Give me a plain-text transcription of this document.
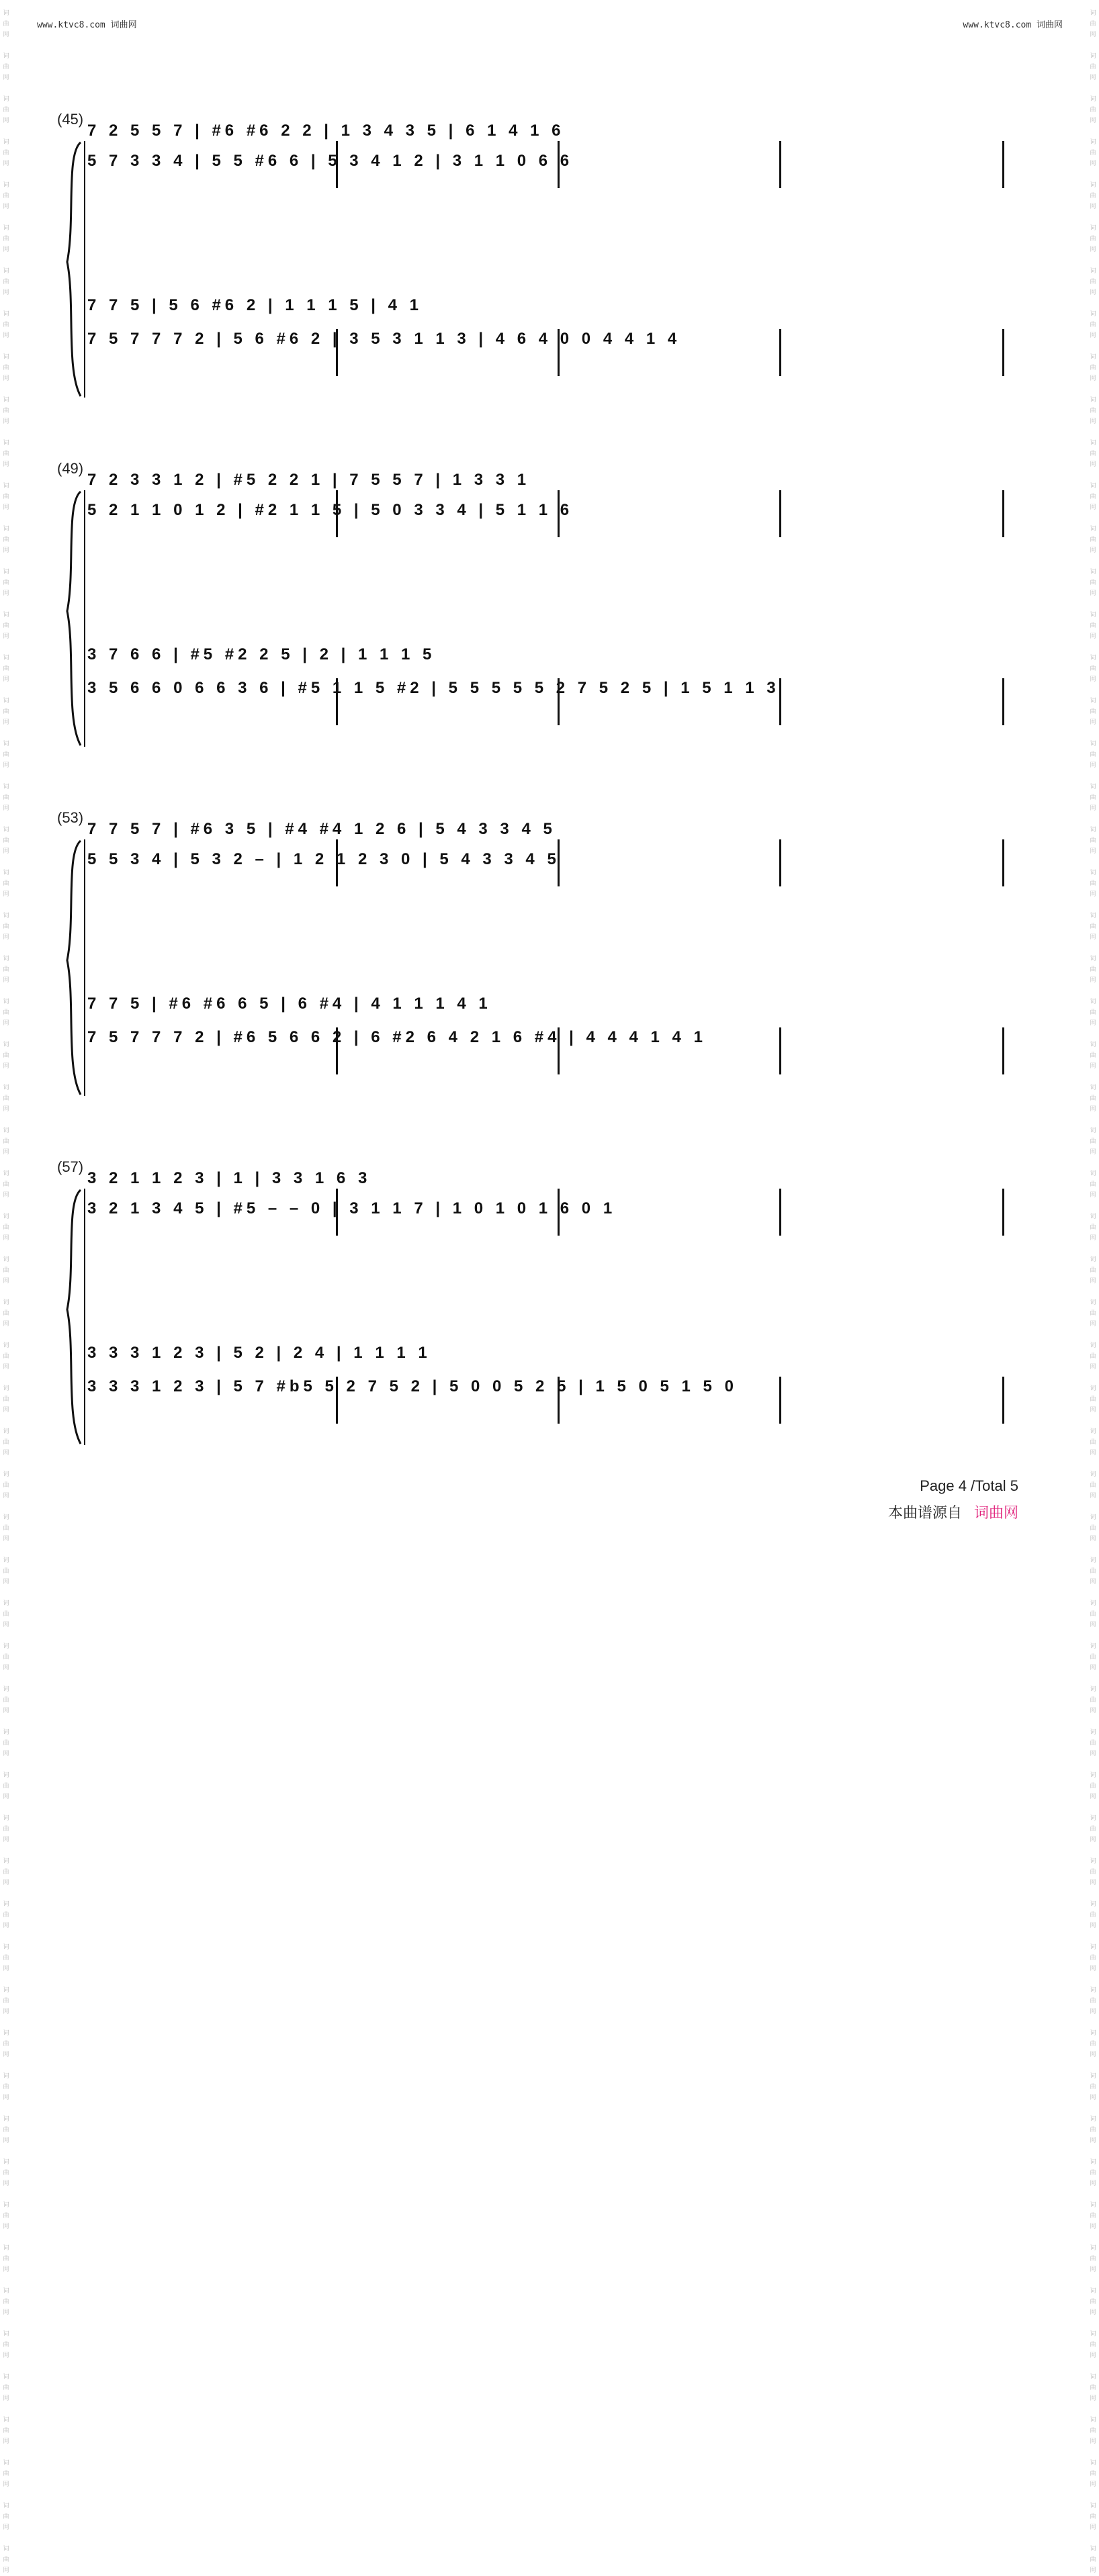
www.ktvc8.com 词曲网	www.ktvc8.com 词曲网
词
曲
网

词
曲
网

词
曲
网

词
曲
网

词
曲
网

词
曲
网

词
曲
网

词
曲
网

词
曲
网

词
曲
网

词
曲
网

词
曲
网

词
曲
网

词
曲
网

词
曲
网

词
曲
网

词
曲
网

词
曲
网

词
曲
网

词
曲
网

词
曲
网

词
曲
网

词
曲
网

词
曲
网

词
曲
网

词
曲
网

词
曲
网

词
曲
网

词
曲
网

词
曲
网

词
曲
网

词
曲
网

词
曲
网

词
曲
网

词
曲
网

词
曲
网

词
曲
网

词
曲
网

词
曲
网

词
曲
网

词
曲
网

词
曲
网

词
曲
网

词
曲
网

词
曲
网

词
曲
网

词
曲
网

词
曲
网

词
曲
网

词
曲
网

词
曲
网

词
曲
网

词
曲
网

词
曲
网

词
曲
网

词
曲
网

词
曲
网

词
曲
网

词
曲
网

词
曲
网

词
曲
网

词
曲
网

词
曲
网

词
曲
网

词
曲
网

词
曲
网

词
曲
网

词
曲
网

词
曲
网

词
曲
网

词
曲
网

词
曲
网

词
曲
网

词
曲
网

词
曲
网

词
曲
网

词
曲
网

词
曲
网

词
曲
网

词
曲
网

词
曲
网

词
曲
网

词
曲
网

词
曲
网

词
曲
网

词
曲
网

词
曲
网

词
曲
网

词
曲
网

词
曲
网

词
曲
网

词
曲
网

词
曲
网

词
曲
网

词
曲
网

词
曲
网

词
曲
网

词
曲
网

词
曲
网

词
曲
网

词
曲
网

词
曲
网

词
曲
网

词
曲
网

词
曲
网

词
曲
网

词
曲
网

词
曲
网

词
曲
网

词
曲
网

词
曲
网

词
曲
网

词
曲
网

词
曲
网

词
曲
网

词
曲
网

词
曲
网

词
曲
网

词
曲
网

词
曲
网

(45)
5 7 3 3 4 | 5 5 #6 6 | 5 3 4 1 2 | 3 1 1 0 6 6
7 2 5 5 7 | #6 #6 2 2 | 1 3 4 3 5 | 6 1 4 1 6
7 5 7 7 7 2 | 5 6 #6 2 | 3 5 3 1 1 3 | 4 6 4 0 0 4 4 1 4
7 7 5 | 5 6 #6 2 | 1 1 1 5 | 4 1
(49)
5 2 1 1 0 1 2 | #2 1 1 5 | 5 0 3 3 4 | 5 1 1 6
7 2 3 3 1 2 | #5 2 2 1 | 7 5 5 7 | 1 3 3 1
3 5 6 6 0 6 6 3 6 | #5 1 1 5 #2 | 5 5 5 5 5 2 7 5 2 5 | 1 5 1 1 3
3 7 6 6 | #5 #2 2 5 | 2 | 1 1 1 5
(53)
5 5 3 4 | 5 3 2 – | 1 2 1 2 3 0 | 5 4 3 3 4 5
7 7 5 7 | #6 3 5 | #4 #4 1 2 6 | 5 4 3 3 4 5
7 5 7 7 7 2 | #6 5 6 6 2 | 6 #2 6 4 2 1 6 #4 | 4 4 4 1 4 1
7 7 5 | #6 #6 6 5 | 6 #4 | 4 1 1 1 4 1
(57)
3 2 1 3 4 5 | #5 – – 0 | 3 1 1 7 | 1 0 1 0 1 6 0 1
3 2 1 1 2 3 | 1 | 3 3 1 6 3
3 3 3 1 2 3 | 5 7 #b5 5 2 7 5 2 | 5 0 0 5 2 5 | 1 5 0 5 1 5 0
3 3 3 1 2 3 | 5 2 | 2 4 | 1 1 1 1
Page 4 /Total 5
本曲谱源自 词曲网
